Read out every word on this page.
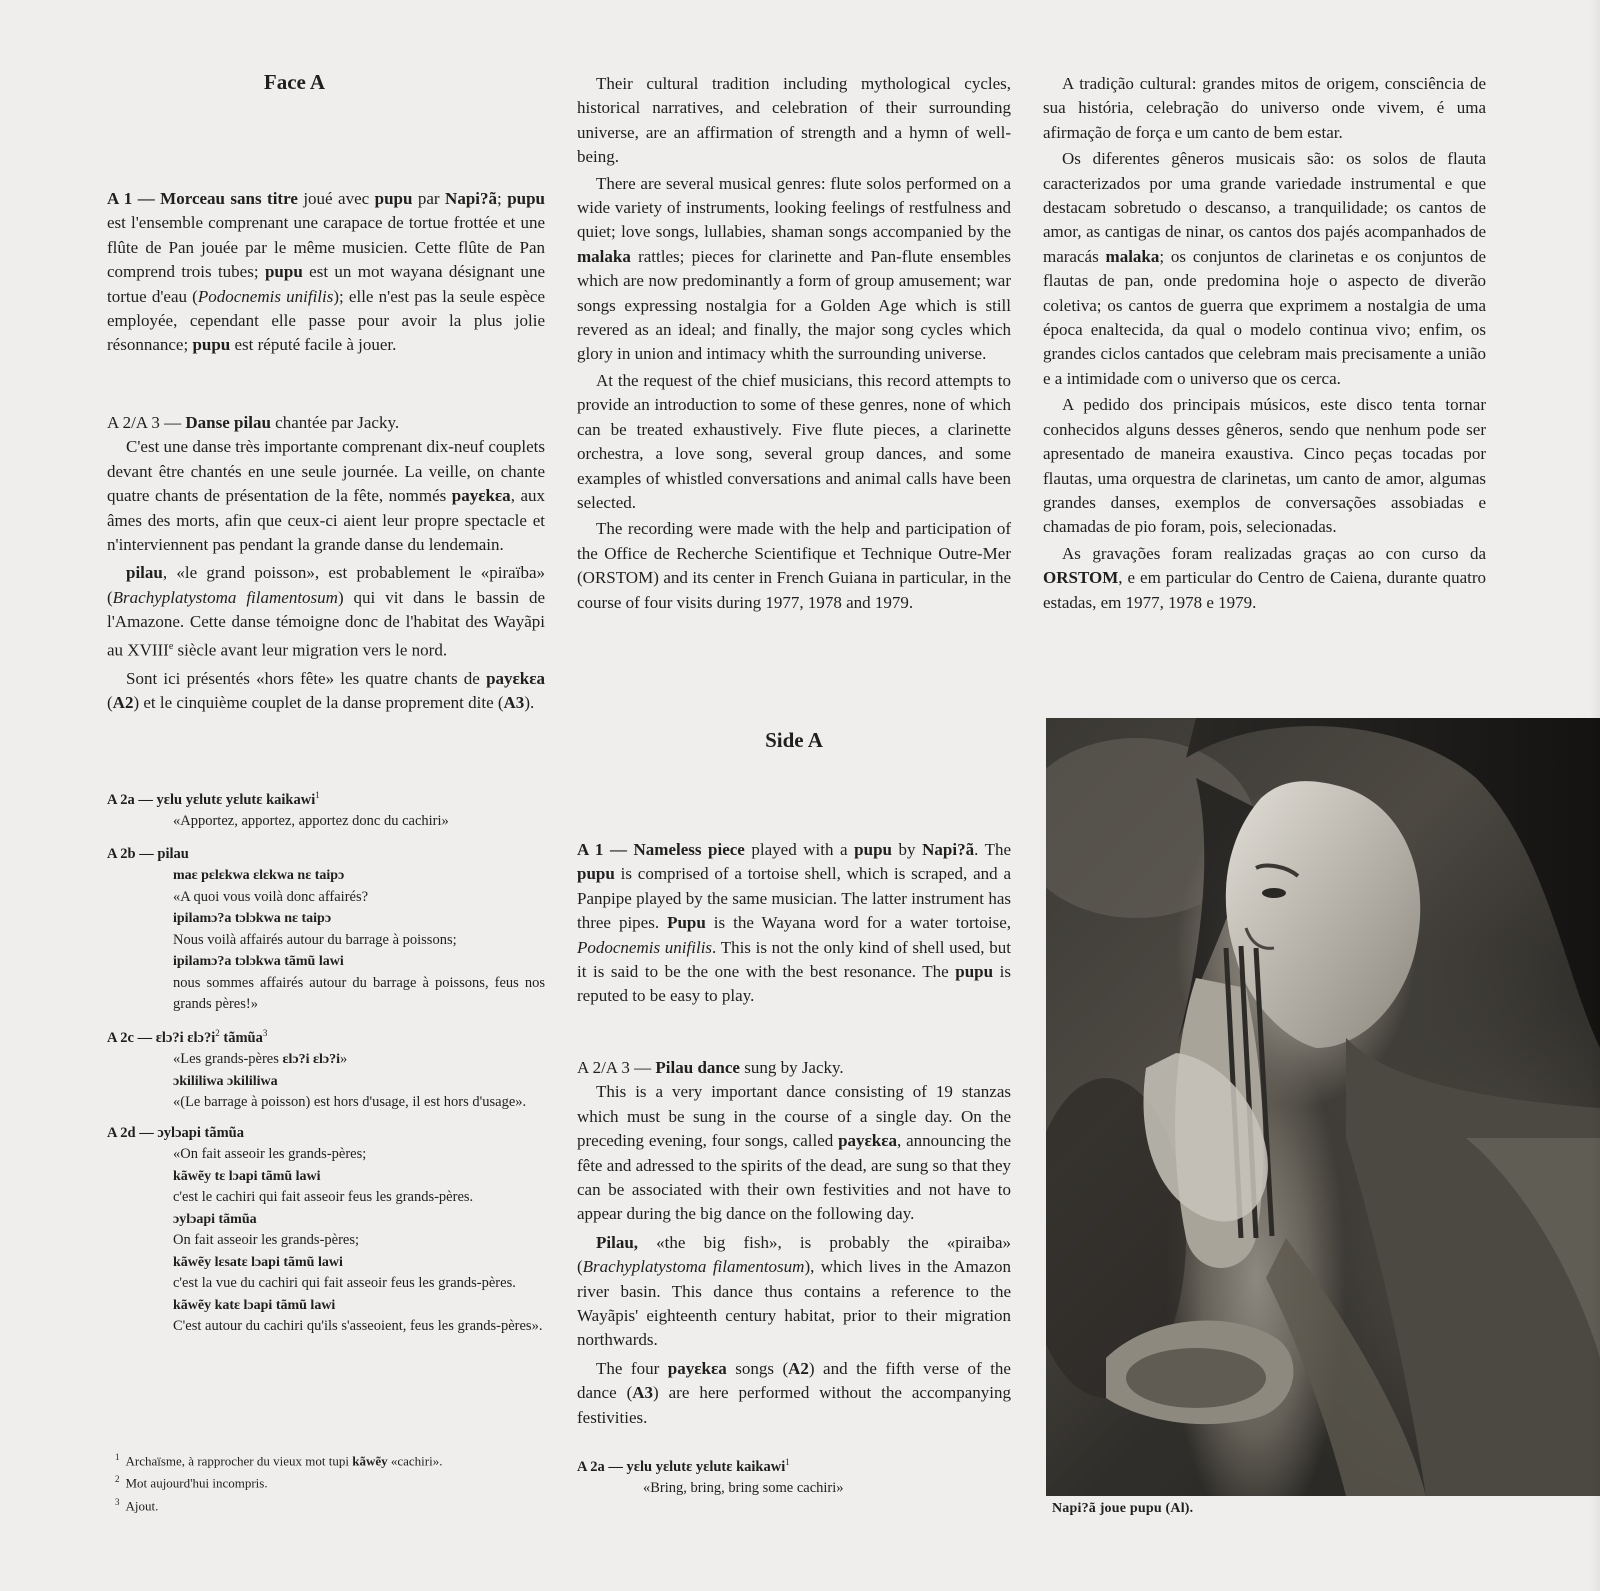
Face A

A 1 — Morceau sans titre joué avec pupu par Napi?ã; pupu est l'ensemble comprenant une carapace de tortue frottée et une flûte de Pan jouée par le même musicien. Cette flûte de Pan comprend trois tubes; pupu est un mot wayana désignant une tortue d'eau (Podocnemis unifilis); elle n'est pas la seule espèce employée, cependant elle passe pour avoir la plus jolie résonnance; pupu est réputé facile à jouer.

A 2/A 3 — Danse pilau chantée par Jacky.

C'est une danse très importante comprenant dix-neuf couplets devant être chantés en une seule journée. La veille, on chante quatre chants de présentation de la fête, nommés payɛkɛa, aux âmes des morts, afin que ceux-ci aient leur propre spectacle et n'interviennent pas pendant la grande danse du lendemain.

pilau, «le grand poisson», est probablement le «piraïba» (Brachyplatystoma filamentosum) qui vit dans le bassin de l'Amazone. Cette danse témoigne donc de l'habitat des Wayãpi au XVIIIe siècle avant leur migration vers le nord.

Sont ici présentés «hors fête» les quatre chants de payɛkɛa (A2) et le cinquième couplet de la danse proprement dite (A3).

A 2a — yɛlu yɛlutɛ yɛlutɛ kaikawi$^1$

«Apportez, apportez, apportez donc du cachiri»

A 2b — pilau

maɛ pɛlɛkwa ɛlɛkwa nɛ taipɔ

«A quoi vous voilà donc affairés?

ipilamɔ?a tɔlɔkwa nɛ taipɔ

Nous voilà affairés autour du barrage à poissons;

ipilamɔ?a tɔlɔkwa tãmũ lawi

nous sommes affairés autour du barrage à poissons, feus nos grands pères!»

A 2c — ɛlɔ?i $ɛlɔ?i^2$ tãmũa$^3$

«Les grands-pères ɛlɔ?i ɛlɔ?i»

ɔkililiwa ɔkililiwa

«(Le barrage à poisson) est hors d'usage, il est hors d'usage».

A 2d — ɔylɔapi tãmũa

«On fait asseoir les grands-pères;

kãwẽy tɛ lɔapi tãmũ lawi

c'est le cachiri qui fait asseoir feus les grands-pères.

ɔylɔapi tãmũa

On fait asseoir les grands-pères;

kãwẽy lɛsatɛ lɔapi tãmũ lawi

c'est la vue du cachiri qui fait asseoir feus les grands-pères.

kãwẽy katɛ lɔapi tãmũ lawi

C'est autour du cachiri qu'ils s'asseoient, feus les grands-pères».

$^1$ Archaïsme, à rapprocher du vieux mot tupi kãwẽy «cachiri».

$^2$ Mot aujourd'hui incompris.

$^3$ Ajout.

Their cultural tradition including mythological cycles, historical narratives, and celebration of their surrounding universe, are an affirmation of strength and a hymn of well-being.

There are several musical genres: flute solos performed on a wide variety of instruments, looking feelings of restfulness and quiet; love songs, lullabies, shaman songs accompanied by the malaka rattles; pieces for clarinette and Pan-flute ensembles which are now predominantly a form of group amusement; war songs expressing nostalgia for a Golden Age which is still revered as an ideal; and finally, the major song cycles which glory in union and intimacy whith the surrounding universe.

At the request of the chief musicians, this record attempts to provide an introduction to some of these genres, none of which can be treated exhaustively. Five flute pieces, a clarinette orchestra, a love song, several group dances, and some examples of whistled conversations and animal calls have been selected.

The recording were made with the help and participation of the Office de Recherche Scientifique et Technique Outre-Mer (ORSTOM) and its center in French Guiana in particular, in the course of four visits during 1977, 1978 and 1979.

Side A

A 1 — Nameless piece played with a pupu by Napi?ã. The pupu is comprised of a tortoise shell, which is scraped, and a Panpipe played by the same musician. The latter instrument has three pipes. Pupu is the Wayana word for a water tortoise, Podocnemis unifilis. This is not the only kind of shell used, but it is said to be the one with the best resonance. The pupu is reputed to be easy to play.

A 2/A 3 — Pilau dance sung by Jacky.

This is a very important dance consisting of 19 stanzas which must be sung in the course of a single day. On the preceding evening, four songs, called payɛkɛa, announcing the fête and adressed to the spirits of the dead, are sung so that they can be associated with their own festivities and not have to appear during the big dance on the following day.

Pilau, «the big fish», is probably the «piraiba» (Brachyplatystoma filamentosum), which lives in the Amazon river basin. This dance thus contains a reference to the Wayãpis' eighteenth century habitat, prior to their migration northwards.

The four payɛkɛa songs (A2) and the fifth verse of the dance (A3) are here performed without the accompanying festivities.

A 2a — yɛlu yɛlutɛ yɛlutɛ kaikawi$^1$

«Bring, bring, bring some cachiri»

A tradição cultural: grandes mitos de origem, consciência de sua história, celebração do universo onde vivem, é uma afirmação de força e um canto de bem estar.

Os diferentes gêneros musicais são: os solos de flauta caracterizados por uma grande variedade instrumental e que destacam sobretudo o descanso, a tranquilidade; os cantos de amor, as cantigas de ninar, os cantos dos pajés acompanhados de maracás malaka; os conjuntos de clarinetas e os conjuntos de flautas de pan, onde predomina hoje o aspecto de diverão coletiva; os cantos de guerra que exprimem a nostalgia de uma época enaltecida, da qual o modelo continua vivo; enfim, os grandes ciclos cantados que celebram mais precisamente a união e a intimidade com o universo que os cerca.

A pedido dos principais músicos, este disco tenta tornar conhecidos alguns desses gêneros, sendo que nenhum pode ser apresentado de maneira exaustiva. Cinco peças tocadas por flautas, uma orquestra de clarinetas, um canto de amor, algumas grandes danses, exemplos de conversações assobiadas e chamadas de pio foram, pois, selecionadas.

As gravações foram realizadas graças ao con curso da ORSTOM, e em particular do Centro de Caiena, durante quatro estadas, em 1977, 1978 e 1979.

Napi?ã joue pupu (Al).
